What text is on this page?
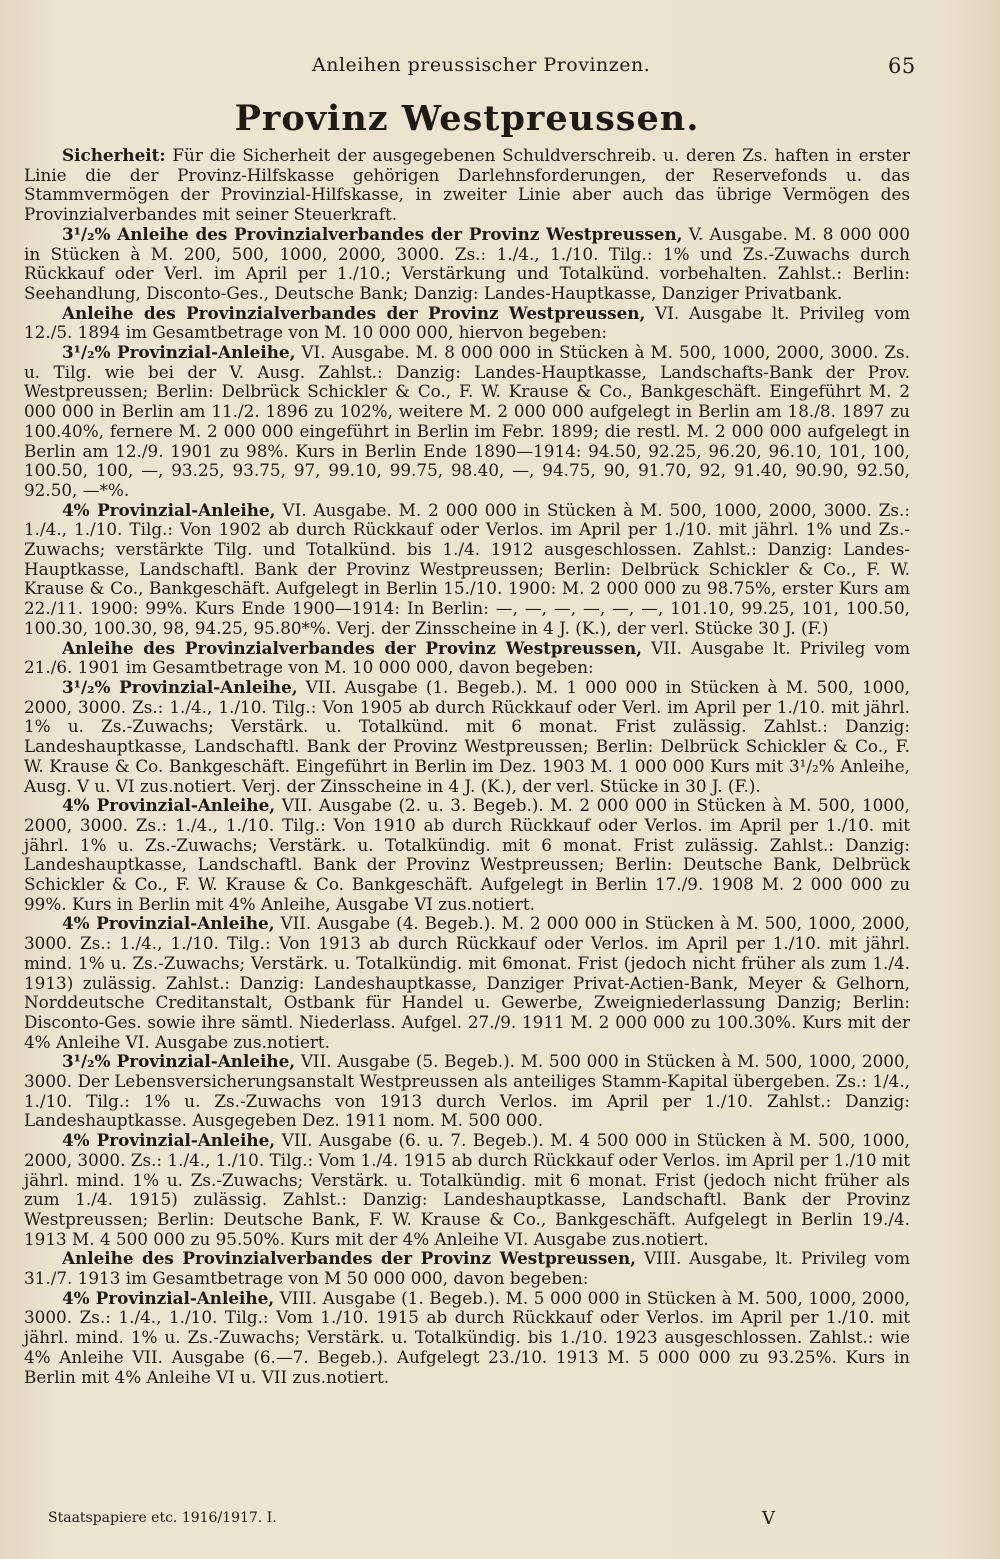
Anleihen preussischer Provinzen.	65
Provinz Westpreussen.

Sicherheit: Für die Sicherheit der ausgegebenen Schuldverschreib. u. deren Zs. haften in erster Linie die der Provinz-Hilfskasse gehörigen Darlehnsforderungen, der Reservefonds u. das Stammvermögen der Provinzial-Hilfskasse, in zweiter Linie aber auch das übrige Vermögen des Provinzialverbandes mit seiner Steuerkraft.

3¹/₂% Anleihe des Provinzialverbandes der Provinz Westpreussen, V. Ausgabe. M. 8 000 000 in Stücken à M. 200, 500, 1000, 2000, 3000. Zs.: 1./4., 1./10. Tilg.: 1% und Zs.-Zuwachs durch Rückkauf oder Verl. im April per 1./10.; Verstärkung und Totalkünd. vorbehalten. Zahlst.: Berlin: Seehandlung, Disconto-Ges., Deutsche Bank; Danzig: Landes-Hauptkasse, Danziger Privatbank.

Anleihe des Provinzialverbandes der Provinz Westpreussen, VI. Ausgabe lt. Privileg vom 12./5. 1894 im Gesamtbetrage von M. 10 000 000, hiervon begeben:

3¹/₂% Provinzial-Anleihe, VI. Ausgabe. M. 8 000 000 in Stücken à M. 500, 1000, 2000, 3000. Zs. u. Tilg. wie bei der V. Ausg. Zahlst.: Danzig: Landes-Hauptkasse, Landschafts-Bank der Prov. Westpreussen; Berlin: Delbrück Schickler & Co., F. W. Krause & Co., Bankgeschäft. Eingeführt M. 2 000 000 in Berlin am 11./2. 1896 zu 102%, weitere M. 2 000 000 aufgelegt in Berlin am 18./8. 1897 zu 100.40%, fernere M. 2 000 000 eingeführt in Berlin im Febr. 1899; die restl. M. 2 000 000 aufgelegt in Berlin am 12./9. 1901 zu 98%. Kurs in Berlin Ende 1890—1914: 94.50, 92.25, 96.20, 96.10, 101, 100, 100.50, 100, —, 93.25, 93.75, 97, 99.10, 99.75, 98.40, —, 94.75, 90, 91.70, 92, 91.40, 90.90, 92.50, 92.50, —*%.

4% Provinzial-Anleihe, VI. Ausgabe. M. 2 000 000 in Stücken à M. 500, 1000, 2000, 3000. Zs.: 1./4., 1./10. Tilg.: Von 1902 ab durch Rückkauf oder Verlos. im April per 1./10. mit jährl. 1% und Zs.-Zuwachs; verstärkte Tilg. und Totalkünd. bis 1./4. 1912 ausgeschlossen. Zahlst.: Danzig: Landes-Hauptkasse, Landschaftl. Bank der Provinz Westpreussen; Berlin: Delbrück Schickler & Co., F. W. Krause & Co., Bankgeschäft. Aufgelegt in Berlin 15./10. 1900: M. 2 000 000 zu 98.75%, erster Kurs am 22./11. 1900: 99%. Kurs Ende 1900—1914: In Berlin: —, —, —, —, —, —, 101.10, 99.25, 101, 100.50, 100.30, 100.30, 98, 94.25, 95.80*%. Verj. der Zinsscheine in 4 J. (K.), der verl. Stücke 30 J. (F.)

Anleihe des Provinzialverbandes der Provinz Westpreussen, VII. Ausgabe lt. Privileg vom 21./6. 1901 im Gesamtbetrage von M. 10 000 000, davon begeben:

3¹/₂% Provinzial-Anleihe, VII. Ausgabe (1. Begeb.). M. 1 000 000 in Stücken à M. 500, 1000, 2000, 3000. Zs.: 1./4., 1./10. Tilg.: Von 1905 ab durch Rückkauf oder Verl. im April per 1./10. mit jährl. 1% u. Zs.-Zuwachs; Verstärk. u. Totalkünd. mit 6 monat. Frist zulässig. Zahlst.: Danzig: Landeshauptkasse, Landschaftl. Bank der Provinz Westpreussen; Berlin: Delbrück Schickler & Co., F. W. Krause & Co. Bankgeschäft. Eingeführt in Berlin im Dez. 1903 M. 1 000 000 Kurs mit 3¹/₂% Anleihe, Ausg. V u. VI zus.notiert. Verj. der Zinsscheine in 4 J. (K.), der verl. Stücke in 30 J. (F.).

4% Provinzial-Anleihe, VII. Ausgabe (2. u. 3. Begeb.). M. 2 000 000 in Stücken à M. 500, 1000, 2000, 3000. Zs.: 1./4., 1./10. Tilg.: Von 1910 ab durch Rückkauf oder Verlos. im April per 1./10. mit jährl. 1% u. Zs.-Zuwachs; Verstärk. u. Totalkündig. mit 6 monat. Frist zulässig. Zahlst.: Danzig: Landeshauptkasse, Landschaftl. Bank der Provinz Westpreussen; Berlin: Deutsche Bank, Delbrück Schickler & Co., F. W. Krause & Co. Bankgeschäft. Aufgelegt in Berlin 17./9. 1908 M. 2 000 000 zu 99%. Kurs in Berlin mit 4% Anleihe, Ausgabe VI zus.notiert.

4% Provinzial-Anleihe, VII. Ausgabe (4. Begeb.). M. 2 000 000 in Stücken à M. 500, 1000, 2000, 3000. Zs.: 1./4., 1./10. Tilg.: Von 1913 ab durch Rückkauf oder Verlos. im April per 1./10. mit jährl. mind. 1% u. Zs.-Zuwachs; Verstärk. u. Totalkündig. mit 6monat. Frist (jedoch nicht früher als zum 1./4. 1913) zulässig. Zahlst.: Danzig: Landeshauptkasse, Danziger Privat-Actien-Bank, Meyer & Gelhorn, Norddeutsche Creditanstalt, Ostbank für Handel u. Gewerbe, Zweigniederlassung Danzig; Berlin: Disconto-Ges. sowie ihre sämtl. Niederlass. Aufgel. 27./9. 1911 M. 2 000 000 zu 100.30%. Kurs mit der 4% Anleihe VI. Ausgabe zus.notiert.

3¹/₂% Provinzial-Anleihe, VII. Ausgabe (5. Begeb.). M. 500 000 in Stücken à M. 500, 1000, 2000, 3000. Der Lebensversicherungsanstalt Westpreussen als anteiliges Stamm-Kapital übergeben. Zs.: 1/4., 1./10. Tilg.: 1% u. Zs.-Zuwachs von 1913 durch Verlos. im April per 1./10. Zahlst.: Danzig: Landeshauptkasse. Ausgegeben Dez. 1911 nom. M. 500 000.

4% Provinzial-Anleihe, VII. Ausgabe (6. u. 7. Begeb.). M. 4 500 000 in Stücken à M. 500, 1000, 2000, 3000. Zs.: 1./4., 1./10. Tilg.: Vom 1./4. 1915 ab durch Rückkauf oder Verlos. im April per 1./10 mit jährl. mind. 1% u. Zs.-Zuwachs; Verstärk. u. Totalkündig. mit 6 monat. Frist (jedoch nicht früher als zum 1./4. 1915) zulässig. Zahlst.: Danzig: Landeshauptkasse, Landschaftl. Bank der Provinz Westpreussen; Berlin: Deutsche Bank, F. W. Krause & Co., Bankgeschäft. Aufgelegt in Berlin 19./4. 1913 M. 4 500 000 zu 95.50%. Kurs mit der 4% Anleihe VI. Ausgabe zus.notiert.

Anleihe des Provinzialverbandes der Provinz Westpreussen, VIII. Ausgabe, lt. Privileg vom 31./7. 1913 im Gesamtbetrage von M 50 000 000, davon begeben:

4% Provinzial-Anleihe, VIII. Ausgabe (1. Begeb.). M. 5 000 000 in Stücken à M. 500, 1000, 2000, 3000. Zs.: 1./4., 1./10. Tilg.: Vom 1./10. 1915 ab durch Rückkauf oder Verlos. im April per 1./10. mit jährl. mind. 1% u. Zs.-Zuwachs; Verstärk. u. Totalkündig. bis 1./10. 1923 ausgeschlossen. Zahlst.: wie 4% Anleihe VII. Ausgabe (6.—7. Begeb.). Aufgelegt 23./10. 1913 M. 5 000 000 zu 93.25%. Kurs in Berlin mit 4% Anleihe VI u. VII zus.notiert.

Staatspapiere etc. 1916/1917. I.	V
